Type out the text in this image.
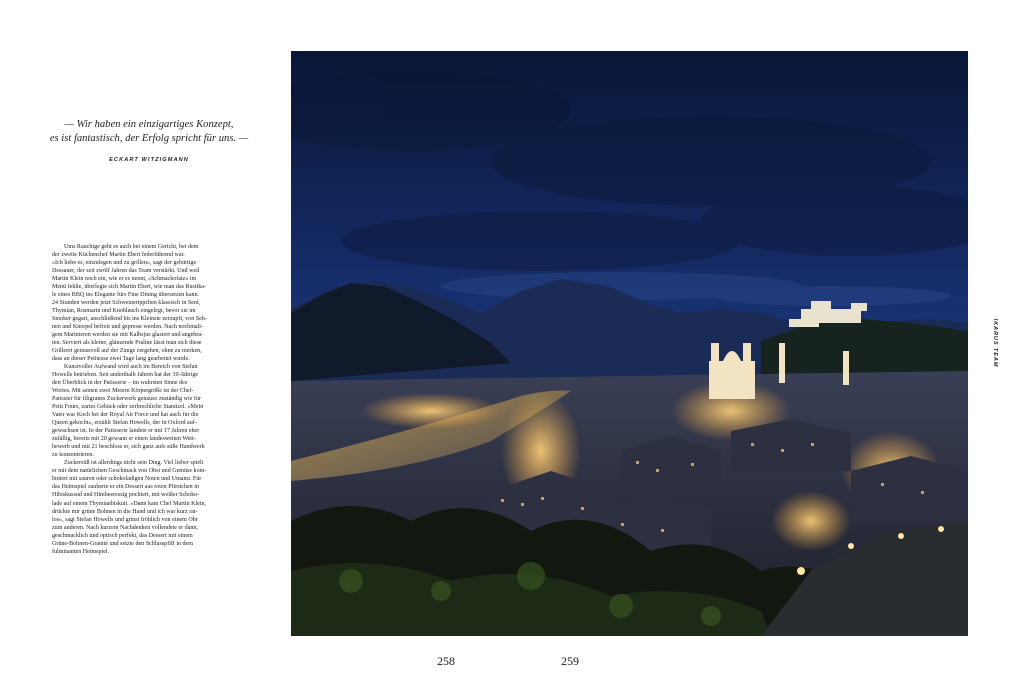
— Wir haben ein einzigartiges Konzept,
es ist fantastisch, der Erfolg spricht für uns. —
ECKART WITZIGMANN
Ums Rauchige geht es auch bei einem Gericht, bei dem
der zweite Küchenchef Martin Ebert federführend war.
»Ich liebe es, einzulegen und zu grillen«, sagt der gebürtige
Dessauer, der seit zwölf Jahren das Team verstärkt. Und weil
Martin Klein noch ein, wie er es nennt, »Schmackofatz« im
Menü fehlte, überlegte sich Martin Ebert, wie man das Rustika-
le eines BBQ ins Elegante fürs Fine Dining übersetzen kann.
24 Stunden werden jetzt Schweinerippchen klassisch in Senf,
Thymian, Rosmarin und Knoblauch eingelegt, bevor sie im
Smoker gegart, anschließend bis ins Kleinste zerzupft, von Seh-
nen und Knorpel befreit und gepresst werden. Nach nochmali-
gem Marinieren werden sie mit Kalbsjus glasiert und angebra-
ten. Serviert als kleine, glänzende Praline lässt man sich diese
Grillerei genussvoll auf der Zunge zergehen, ohne zu merken,
dass an dieser Petitesse zwei Tage lang gearbeitet wurde.
Kunstvoller Aufwand wird auch im Bereich von Stefan
Howells betrieben. Seit anderthalb Jahren hat der 30-Jährige
den Überblick in der Patisserie – im wahrsten Sinne des
Wortes. Mit seinen zwei Metern Körpergröße ist der Chef-
Patissier für filigranes Zuckerwerk genauso zuständig wie für
Petit Fours, zartes Gebäck oder zerbrechliche Stanitzel. »Mein
Vater war Koch bei der Royal Air Force und hat auch für die
Queen gekocht«, erzählt Stefan Howells, der in Oxford auf-
gewachsen ist. In der Patisserie landete er mit 17 Jahren eher
zufällig, bereits mit 20 gewann er einen landesweiten Wett-
bewerb und mit 21 beschloss er, sich ganz aufs süße Handwerk
zu konzentrieren.
Zuckersüß ist allerdings nicht sein Ding. Viel lieber spielt
er mit dem natürlichen Geschmack von Obst und Gemüse kom-
biniert mit sauren oder schokoladigen Noten und Umami. Für
das Heimspiel zauberte er ein Dessert aus roten Pfirsichen in
Hibiskussud und Himbeeressig pochiert, mit weißer Schoko-
lade auf einem Thymianbiskuit. »Dann kam Chef Martin Klein,
drückte mir grüne Bohnen in die Hand und ich war kurz rat-
los«, sagt Stefan Howells und grinst fröhlich von einem Ohr
zum anderen. Nach kurzem Nachdenken vollendete er dann,
geschmacklich und optisch perfekt, das Dessert mit einem
Grüne-Bohnen-Granité und setzte den Schlusspfiff in dem
fulminanten Heimspiel.
IKARUS TEAM
258	259
